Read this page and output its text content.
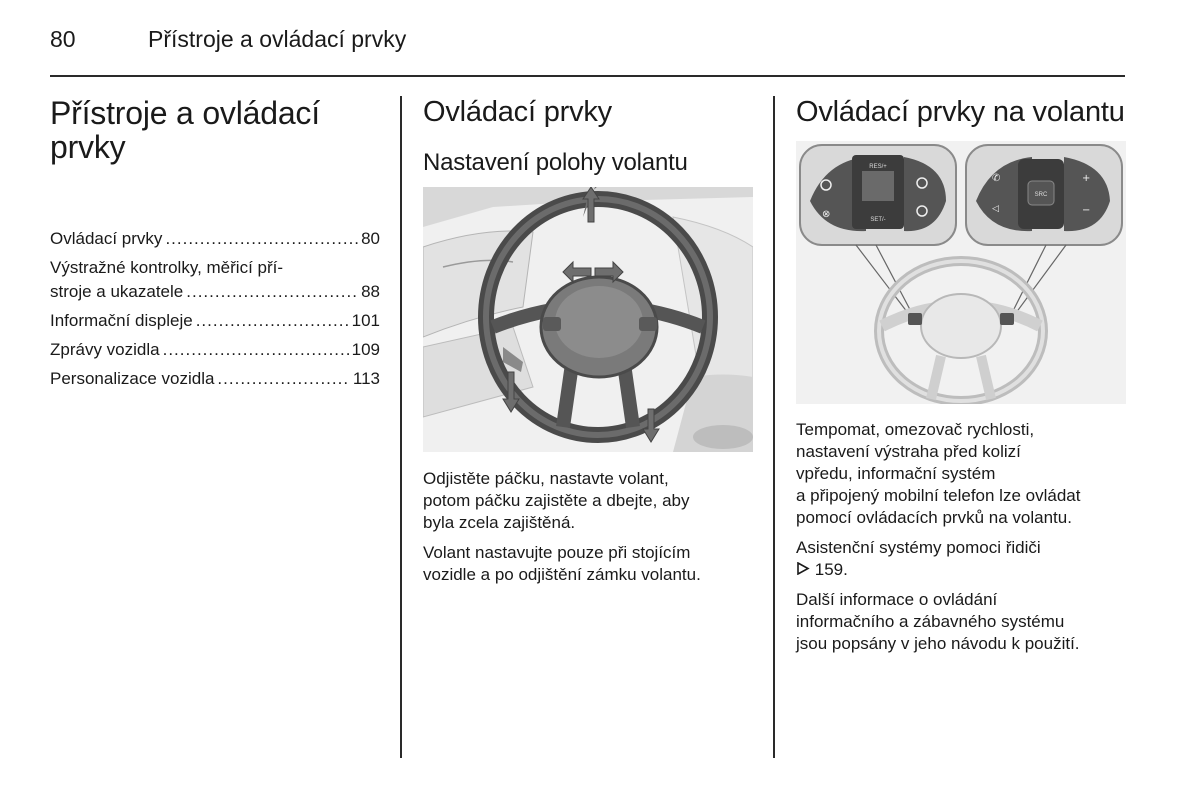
80	Přístroje a ovládací prvky
Přístroje a ovládací
prvky
Ovládací prvky .....	80
Výstražné kontrolky, měřicí pří-
stroje a ukazatele .....	88
Informační displeje .....	101
Zprávy vozidla .....	109
Personalizace vozidla .....	113
Ovládací prvky
Nastavení polohy volantu

Odjistěte páčku, nastavte volant,
potom páčku zajistěte a dbejte, aby
byla zcela zajištěná.

Volant nastavujte pouze při stojícím
vozidle a po odjištění zámku volantu.

Ovládací prvky na volantu
RES/+
SET/-
⊗
SRC
✆
◁
+
−

Tempomat, omezovač rychlosti,
nastavení výstraha před kolizí
vpředu, informační systém
a připojený mobilní telefon lze ovládat
pomocí ovládacích prvků na volantu.

Asistenční systémy pomoci řidiči
159.

Další informace o ovládání
informačního a zábavného systému
jsou popsány v jeho návodu k použití.
